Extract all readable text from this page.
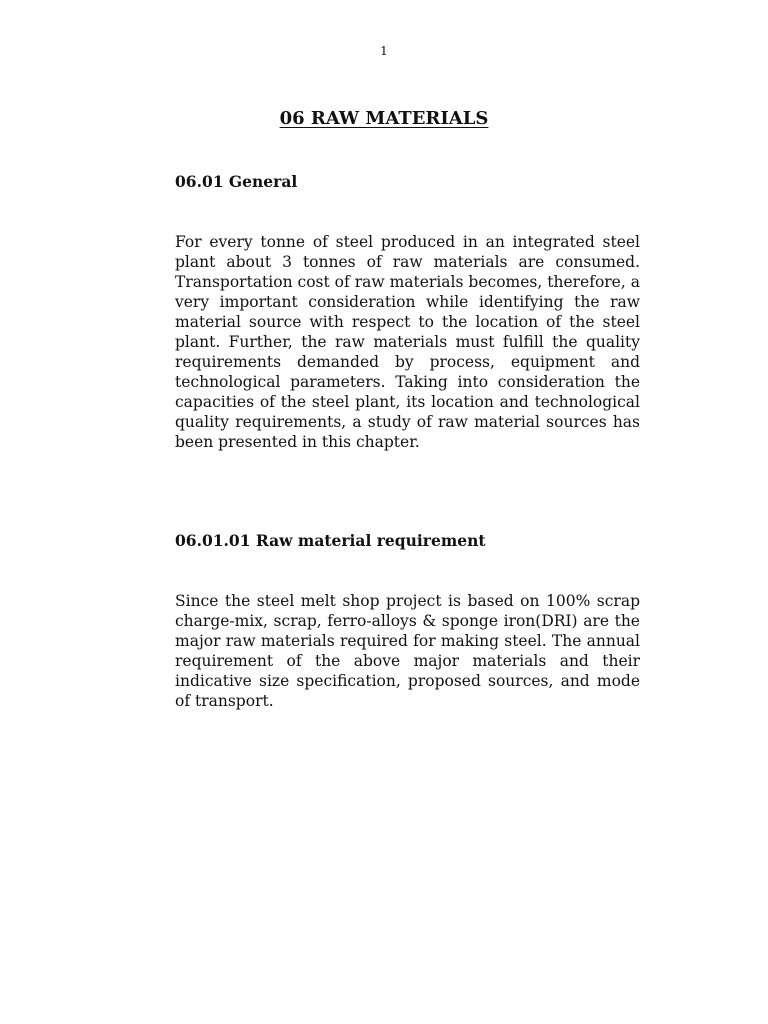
1
06 RAW MATERIALS
06.01 General

For every tonne of steel produced in an integrated steel plant about 3 tonnes of raw materials are consumed. Transportation cost of raw materials becomes, therefore, a very important consideration while identifying the raw material source with respect to the location of the steel plant. Further, the raw materials must fulfill the quality requirements demanded by process, equipment and technological parameters. Taking into consideration the capacities of the steel plant, its location and technological quality requirements, a study of raw material sources has been presented in this chapter.

06.01.01 Raw material requirement

Since the steel melt shop project is based on 100% scrap charge-mix, scrap, ferro-alloys & sponge iron(DRI) are the major raw materials required for making steel. The annual requirement of the above major materials and their indicative size specification, proposed sources, and mode of transport.
